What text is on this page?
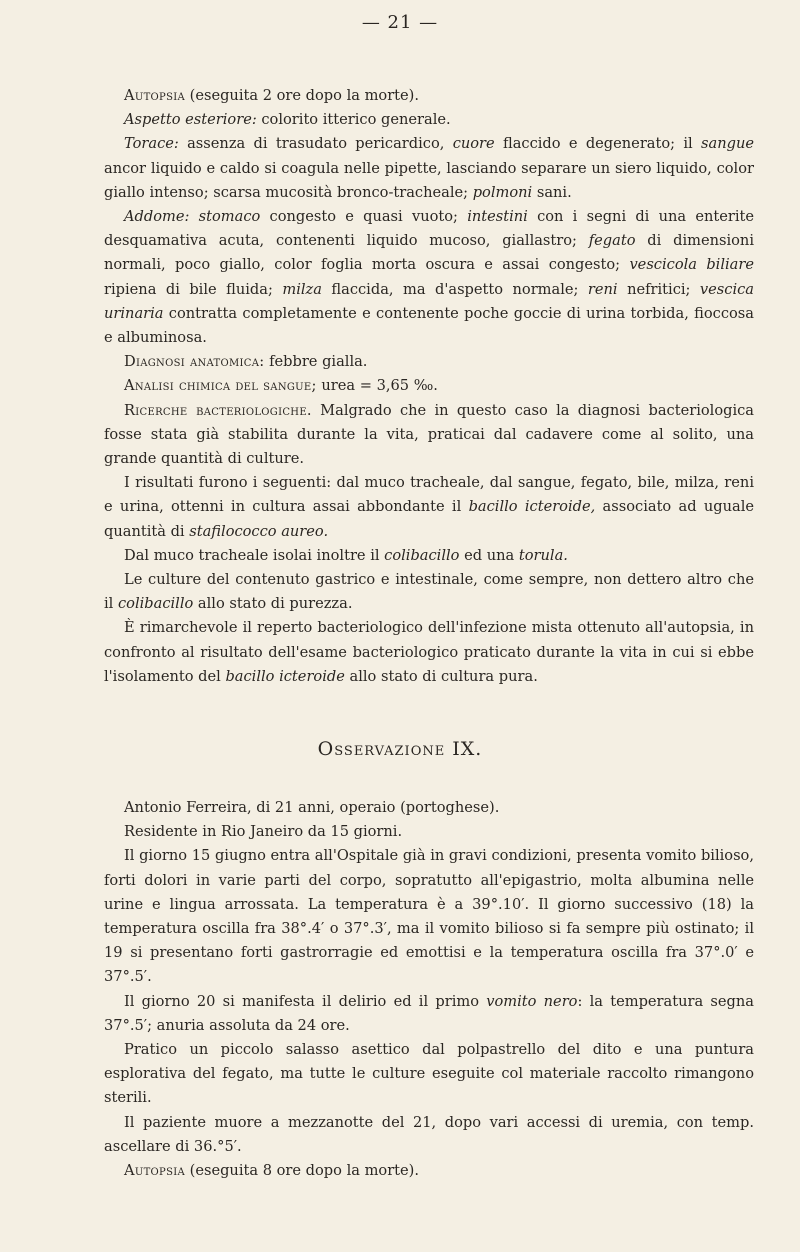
— 21 —

Autopsia (eseguita 2 ore dopo la morte).

Aspetto esteriore: colorito itterico generale.

Torace: assenza di trasudato pericardico, cuore flaccido e degenerato; il sangue ancor liquido e caldo si coagula nelle pipette, lasciando separare un siero liquido, color giallo intenso; scarsa mucosità bronco-tracheale; polmoni sani.

Addome: stomaco congesto e quasi vuoto; intestini con i segni di una enterite desquamativa acuta, contenenti liquido mucoso, giallastro; fegato di dimensioni normali, poco giallo, color foglia morta oscura e assai congesto; vescicola biliare ripiena di bile fluida; milza flaccida, ma d'aspetto normale; reni nefritici; vescica urinaria contratta completamente e contenente poche goccie di urina torbida, fioccosa e albuminosa.

Diagnosi anatomica: febbre gialla.

Analisi chimica del sangue; urea = 3,65 ‰.

Ricerche bacteriologiche. Malgrado che in questo caso la diagnosi bacteriologica fosse stata già stabilita durante la vita, praticai dal cadavere come al solito, una grande quantità di culture.

I risultati furono i seguenti: dal muco tracheale, dal sangue, fegato, bile, milza, reni e urina, ottenni in cultura assai abbondante il bacillo icteroide, associato ad uguale quantità di stafilococco aureo.

Dal muco tracheale isolai inoltre il colibacillo ed una torula.

Le culture del contenuto gastrico e intestinale, come sempre, non dettero altro che il colibacillo allo stato di purezza.

È rimarchevole il reperto bacteriologico dell'infezione mista ottenuto all'autopsia, in confronto al risultato dell'esame bacteriologico praticato durante la vita in cui si ebbe l'isolamento del bacillo icteroide allo stato di cultura pura.

Osservazione IX.

Antonio Ferreira, di 21 anni, operaio (portoghese).

Residente in Rio Janeiro da 15 giorni.

Il giorno 15 giugno entra all'Ospitale già in gravi condizioni, presenta vomito bilioso, forti dolori in varie parti del corpo, sopratutto all'epigastrio, molta albumina nelle urine e lingua arrossata. La temperatura è a 39°.10′. Il giorno successivo (18) la temperatura oscilla fra 38°.4′ o 37°.3′, ma il vomito bilioso si fa sempre più ostinato; il 19 si presentano forti gastrorragie ed emottisi e la temperatura oscilla fra 37°.0′ e 37°.5′.

Il giorno 20 si manifesta il delirio ed il primo vomito nero: la temperatura segna 37°.5′; anuria assoluta da 24 ore.

Pratico un piccolo salasso asettico dal polpastrello del dito e una puntura esplorativa del fegato, ma tutte le culture eseguite col materiale raccolto rimangono sterili.

Il paziente muore a mezzanotte del 21, dopo vari accessi di uremia, con temp. ascellare di 36.°5′.

Autopsia (eseguita 8 ore dopo la morte).
